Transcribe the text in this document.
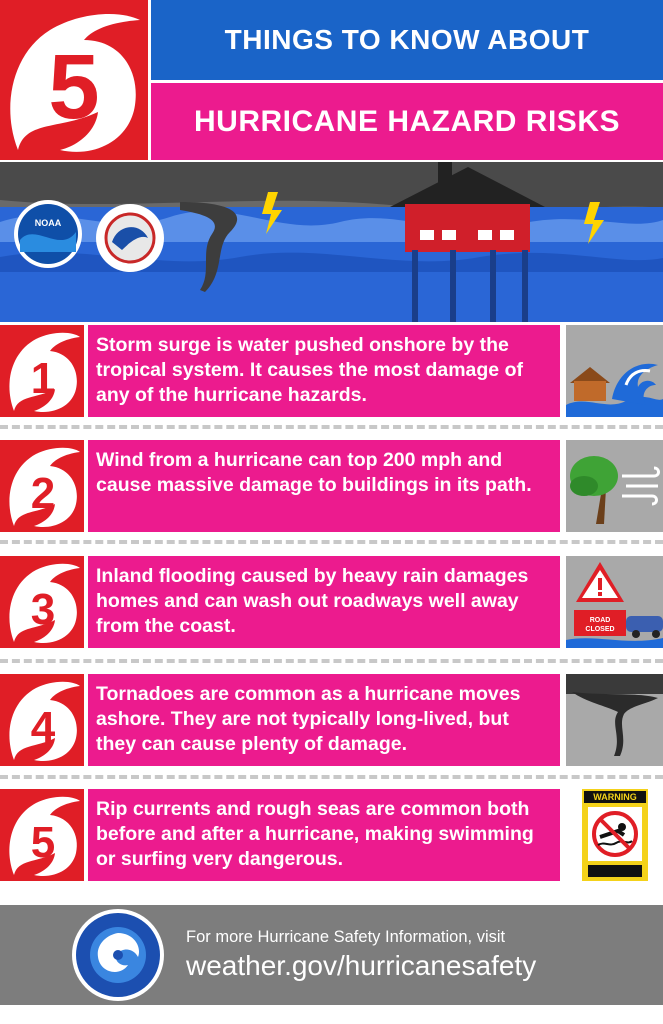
5	THINGS TO KNOW ABOUT
HURRICANE HAZARD RISKS
NOAA
1
Storm surge is water pushed onshore by the tropical system. It causes the most damage of any of the hurricane hazards.
2
Wind from a hurricane can top 200 mph and cause massive damage to buildings in its path.
3
Inland flooding caused by heavy rain damages homes and can wash out roadways well away from the coast.	ROAD
CLOSED
4
Tornadoes are common as a hurricane moves ashore. They are not typically long-lived, but they can cause plenty of damage.
5
Rip currents and rough seas are common both before and after a hurricane, making swimming or surfing very dangerous.
WARNING
For more Hurricane Safety Information, visit
weather.gov/hurricanesafety
